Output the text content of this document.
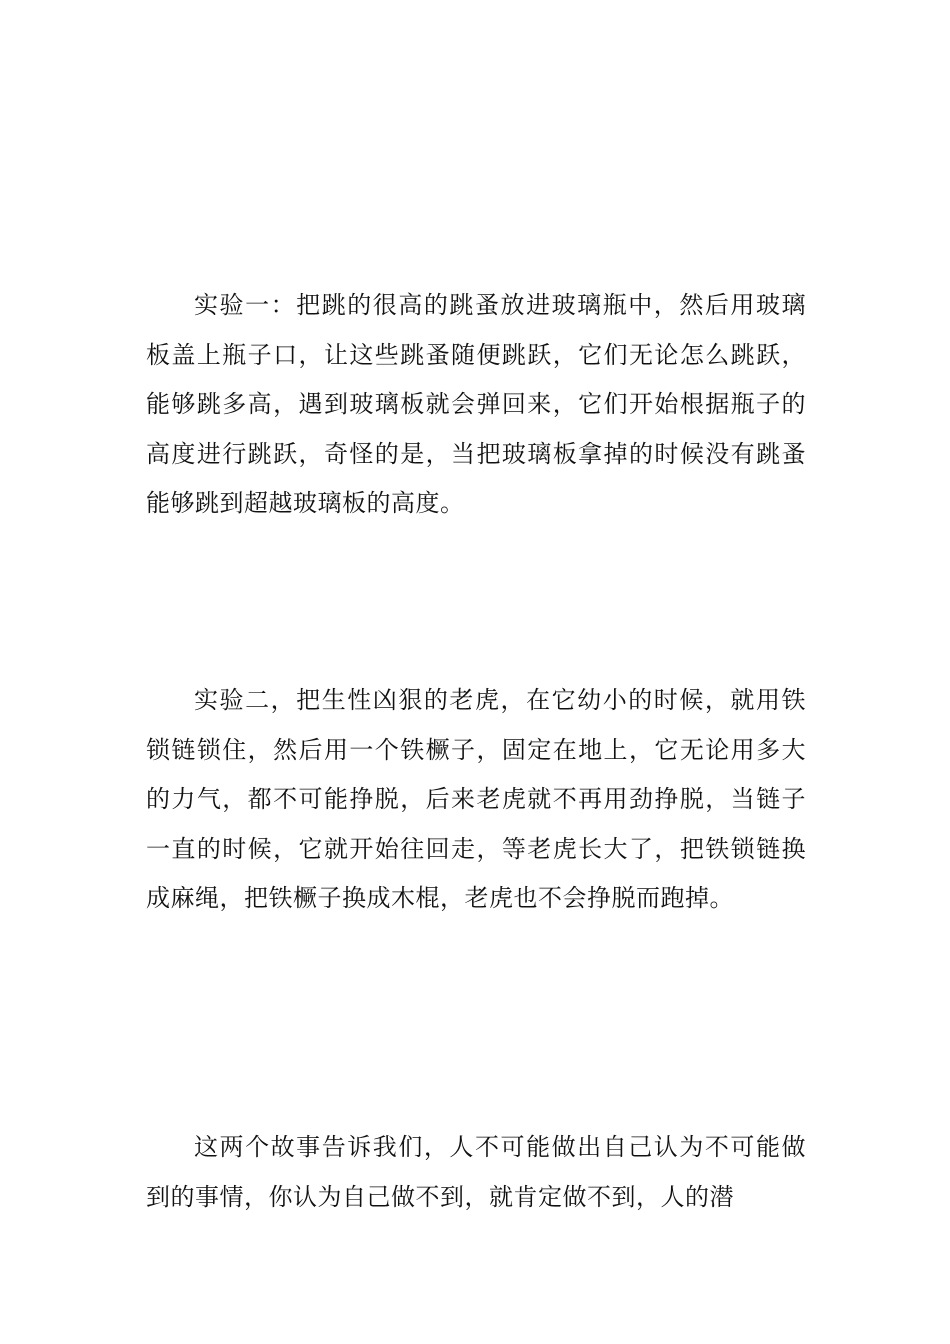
实验一：把跳的很高的跳蚤放进玻璃瓶中，然后用玻璃板盖上瓶子口，让这些跳蚤随便跳跃，它们无论怎么跳跃，能够跳多高，遇到玻璃板就会弹回来，它们开始根据瓶子的高度进行跳跃，奇怪的是，当把玻璃板拿掉的时候没有跳蚤能够跳到超越玻璃板的高度。

实验二，把生性凶狠的老虎，在它幼小的时候，就用铁锁链锁住，然后用一个铁橛子，固定在地上，它无论用多大的力气，都不可能挣脱，后来老虎就不再用劲挣脱，当链子一直的时候，它就开始往回走，等老虎长大了，把铁锁链换成麻绳，把铁橛子换成木棍，老虎也不会挣脱而跑掉。

这两个故事告诉我们，人不可能做出自己认为不可能做到的事情，你认为自己做不到，就肯定做不到，人的潜
